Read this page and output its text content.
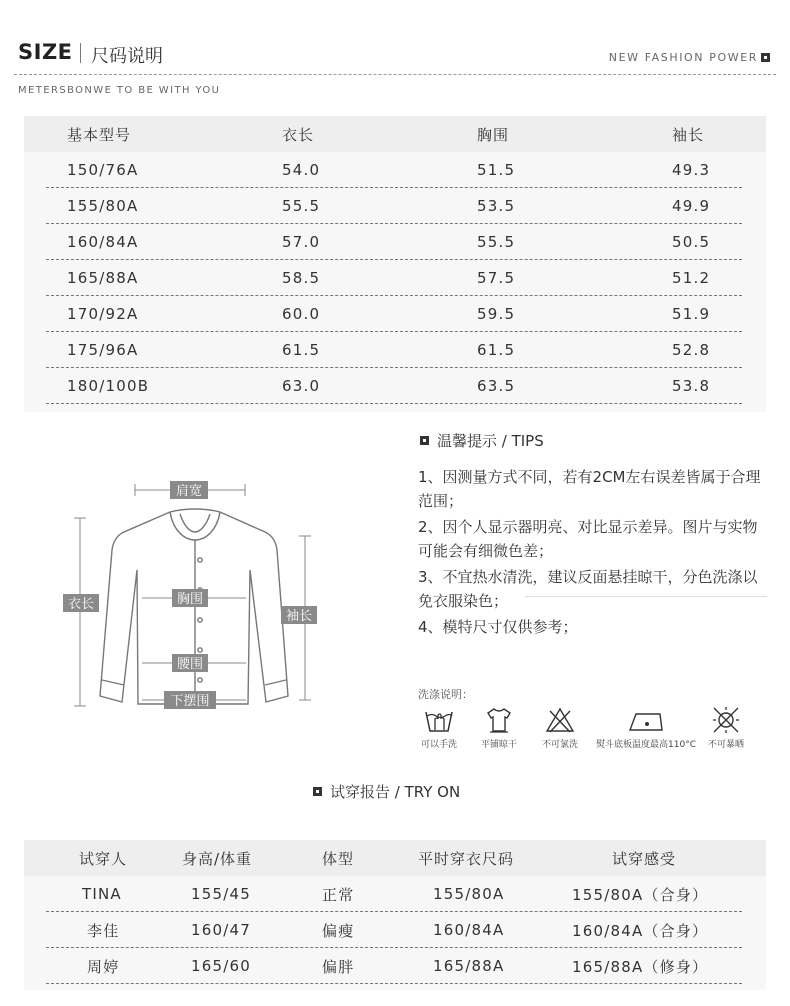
SIZE 尺码说明	NEW FASHION POWER
METERSBONWE TO BE WITH YOU
基本型号	衣长	胸围	袖长
150/76A	54.0	51.5	49.3
155/80A	55.5	53.5	49.9
160/84A	57.0	55.5	50.5
165/88A	58.5	57.5	51.2
170/92A	60.0	59.5	51.9
175/96A	61.5	61.5	52.8
180/100B	63.0	63.5	53.8
肩宽
衣长	胸围
袖长
腰围
下摆围
温馨提示 / TIPS
1、因测量方式不同，若有2CM左右误差皆属于合理范围；
2、因个人显示器明亮、对比显示差异。图片与实物可能会有细微色差；
3、不宜热水清洗，建议反面悬挂晾干，分色洗涤以免衣服染色；
4、模特尺寸仅供参考；
洗涤说明：
可以手洗	平铺晾干	不可氯洗	熨斗底板温度最高110°C	不可暴晒
试穿报告 / TRY ON
试穿人	身高/体重	体型	平时穿衣尺码	试穿感受
TINA	155/45	正常	155/80A	155/80A（合身）
李佳	160/47	偏瘦	160/84A	160/84A（合身）
周婷	165/60	偏胖	165/88A	165/88A（修身）
